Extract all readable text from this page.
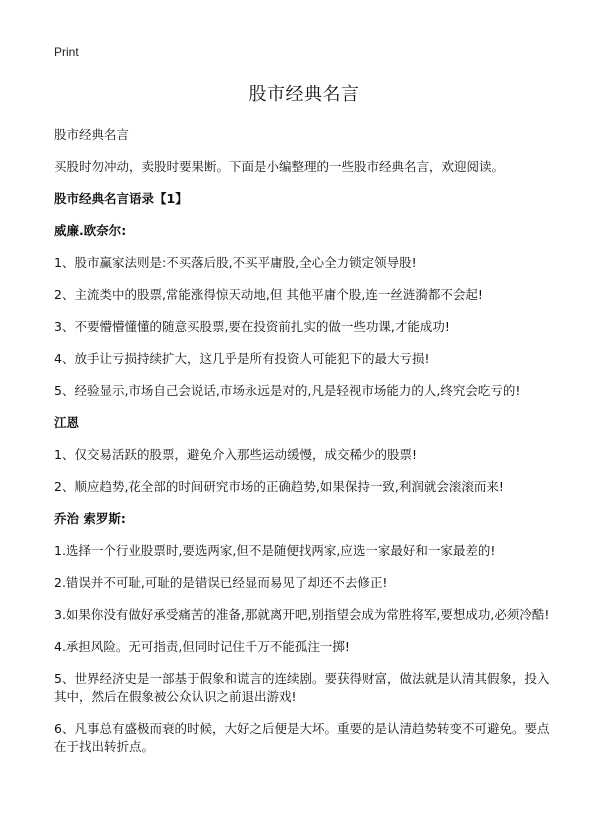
Print
股市经典名言

股市经典名言

买股时勿冲动，卖股时要果断。下面是小编整理的一些股市经典名言，欢迎阅读。

股市经典名言语录【1】

威廉.欧奈尔:

1、股市赢家法则是:不买落后股,不买平庸股,全心全力锁定领导股!

2、主流类中的股票,常能涨得惊天动地,但 其他平庸个股,连一丝涟漪都不会起!

3、不要懵懵懂懂的随意买股票,要在投资前扎实的做一些功课,才能成功!

4、放手让亏损持续扩大，这几乎是所有投资人可能犯下的最大亏损!

5、经验显示,市场自己会说话,市场永远是对的,凡是轻视市场能力的人,终究会吃亏的!

江恩

1、仅交易活跃的股票，避免介入那些运动缓慢，成交稀少的股票!

2、顺应趋势,花全部的时间研究市场的正确趋势,如果保持一致,利润就会滚滚而来!

乔治 索罗斯:

1.选择一个行业股票时,要选两家,但不是随便找两家,应选一家最好和一家最差的!

2.错误并不可耻,可耻的是错误已经显而易见了却还不去修正!

3.如果你没有做好承受痛苦的准备,那就离开吧,别指望会成为常胜将军,要想成功,必须冷酷!

4.承担风险。无可指责,但同时记住千万不能孤注一掷!

5、世界经济史是一部基于假象和谎言的连续剧。要获得财富，做法就是认清其假象，投入其中，然后在假象被公众认识之前退出游戏!

6、凡事总有盛极而衰的时候，大好之后便是大坏。重要的是认清趋势转变不可避免。要点在于找出转折点。
